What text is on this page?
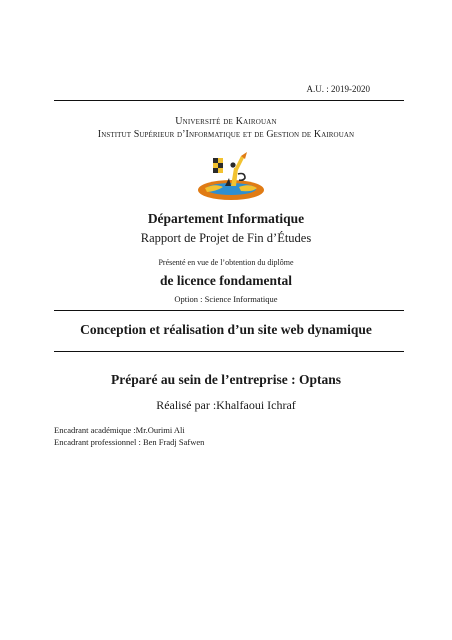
A.U. : 2019-2020
Université de Kairouan
Institut Supérieur d’Informatique et de Gestion de Kairouan
Département Informatique
Rapport de Projet de Fin d’Études
Présenté en vue de l’obtention du diplôme
de licence fondamental
Option : Science Informatique
Conception et réalisation d’un site web dynamique
Préparé au sein de l’entreprise : Optans
Réalisé par :Khalfaoui Ichraf
Encadrant académique :Mr.Ourimi Ali
Encadrant professionnel : Ben Fradj Safwen
